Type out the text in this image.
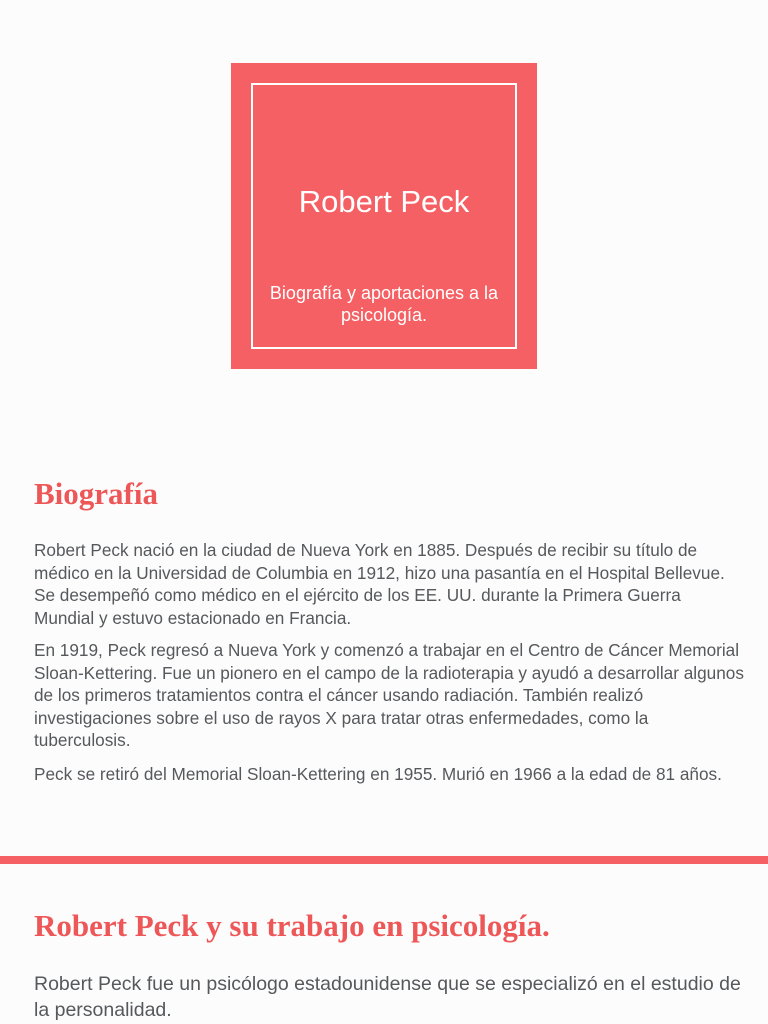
Robert Peck
Biografía y aportaciones a la psicología.
Biografía

Robert Peck nació en la ciudad de Nueva York en 1885. Después de recibir su título de médico en la Universidad de Columbia en 1912, hizo una pasantía en el Hospital Bellevue. Se desempeñó como médico en el ejército de los EE. UU. durante la Primera Guerra Mundial y estuvo estacionado en Francia.

En 1919, Peck regresó a Nueva York y comenzó a trabajar en el Centro de Cáncer Memorial Sloan-Kettering. Fue un pionero en el campo de la radioterapia y ayudó a desarrollar algunos de los primeros tratamientos contra el cáncer usando radiación. También realizó investigaciones sobre el uso de rayos X para tratar otras enfermedades, como la tuberculosis.

Peck se retiró del Memorial Sloan-Kettering en 1955. Murió en 1966 a la edad de 81 años.

Robert Peck y su trabajo en psicología.

Robert Peck fue un psicólogo estadounidense que se especializó en el estudio de la personalidad.
